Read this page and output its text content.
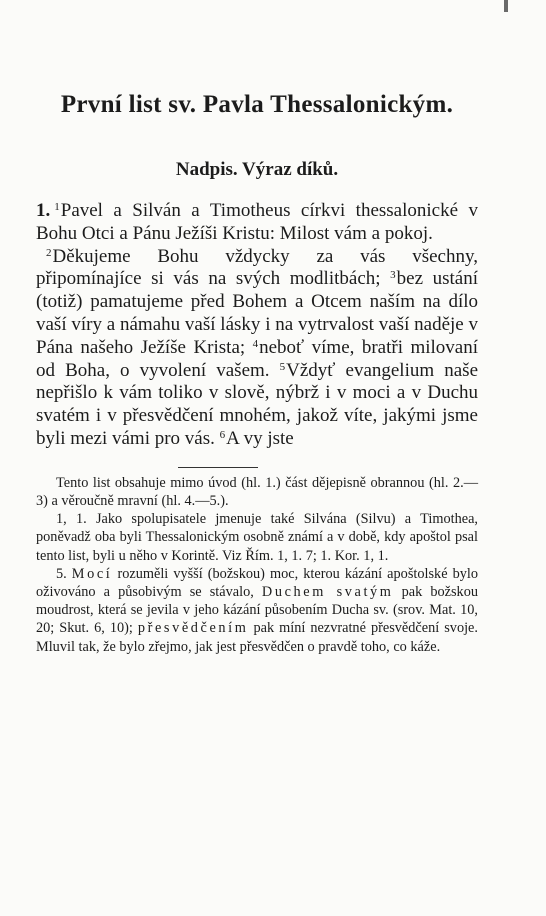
První list sv. Pavla Thessalonickým.
Nadpis. Výraz díků.

1. $^1$Pavel a Silván a Timotheus církvi thessalonické v Bohu Otci a Pánu Ježíši Kristu: Milost vám a pokoj.

$^2$Děkujeme Bohu vždycky za vás všechny, připomínajíce si vás na svých modlitbách; $^3$bez ustání (totiž) pamatujeme před Bohem a Otcem naším na dílo vaší víry a námahu vaší lásky i na vytrvalost vaší naděje v Pána našeho Ježíše Krista; $^4$neboť víme, bratři milovaní od Boha, o vyvolení vašem. $^5$Vždyť evangelium naše nepřišlo k vám toliko v slově, nýbrž i v moci a v Duchu svatém i v přesvědčení mnohém, jakož víte, jakými jsme byli mezi vámi pro vás. $^6$A vy jste

Tento list obsahuje mimo úvod (hl. 1.) část dějepisně obrannou (hl. 2.—3) a věroučně mravní (hl. 4.—5.).

1, 1. Jako spolupisatele jmenuje také Silvána (Silvu) a Timothea, poněvadž oba byli Thessalonickým osobně známí a v době, kdy apoštol psal tento list, byli u něho v Korintě. Viz Řím. 1, 1. 7; 1. Kor. 1, 1.

5. Mocí rozuměli vyšší (božskou) moc, kterou kázání apoštolské bylo oživováno a působivým se stávalo, Duchem svatým pak božskou moudrost, která se jevila v jeho kázání působením Ducha sv. (srov. Mat. 10, 20; Skut. 6, 10); přesvědčením pak míní nezvratné přesvědčení svoje. Mluvil tak, že bylo zřejmo, jak jest přesvědčen o pravdě toho, co káže.
